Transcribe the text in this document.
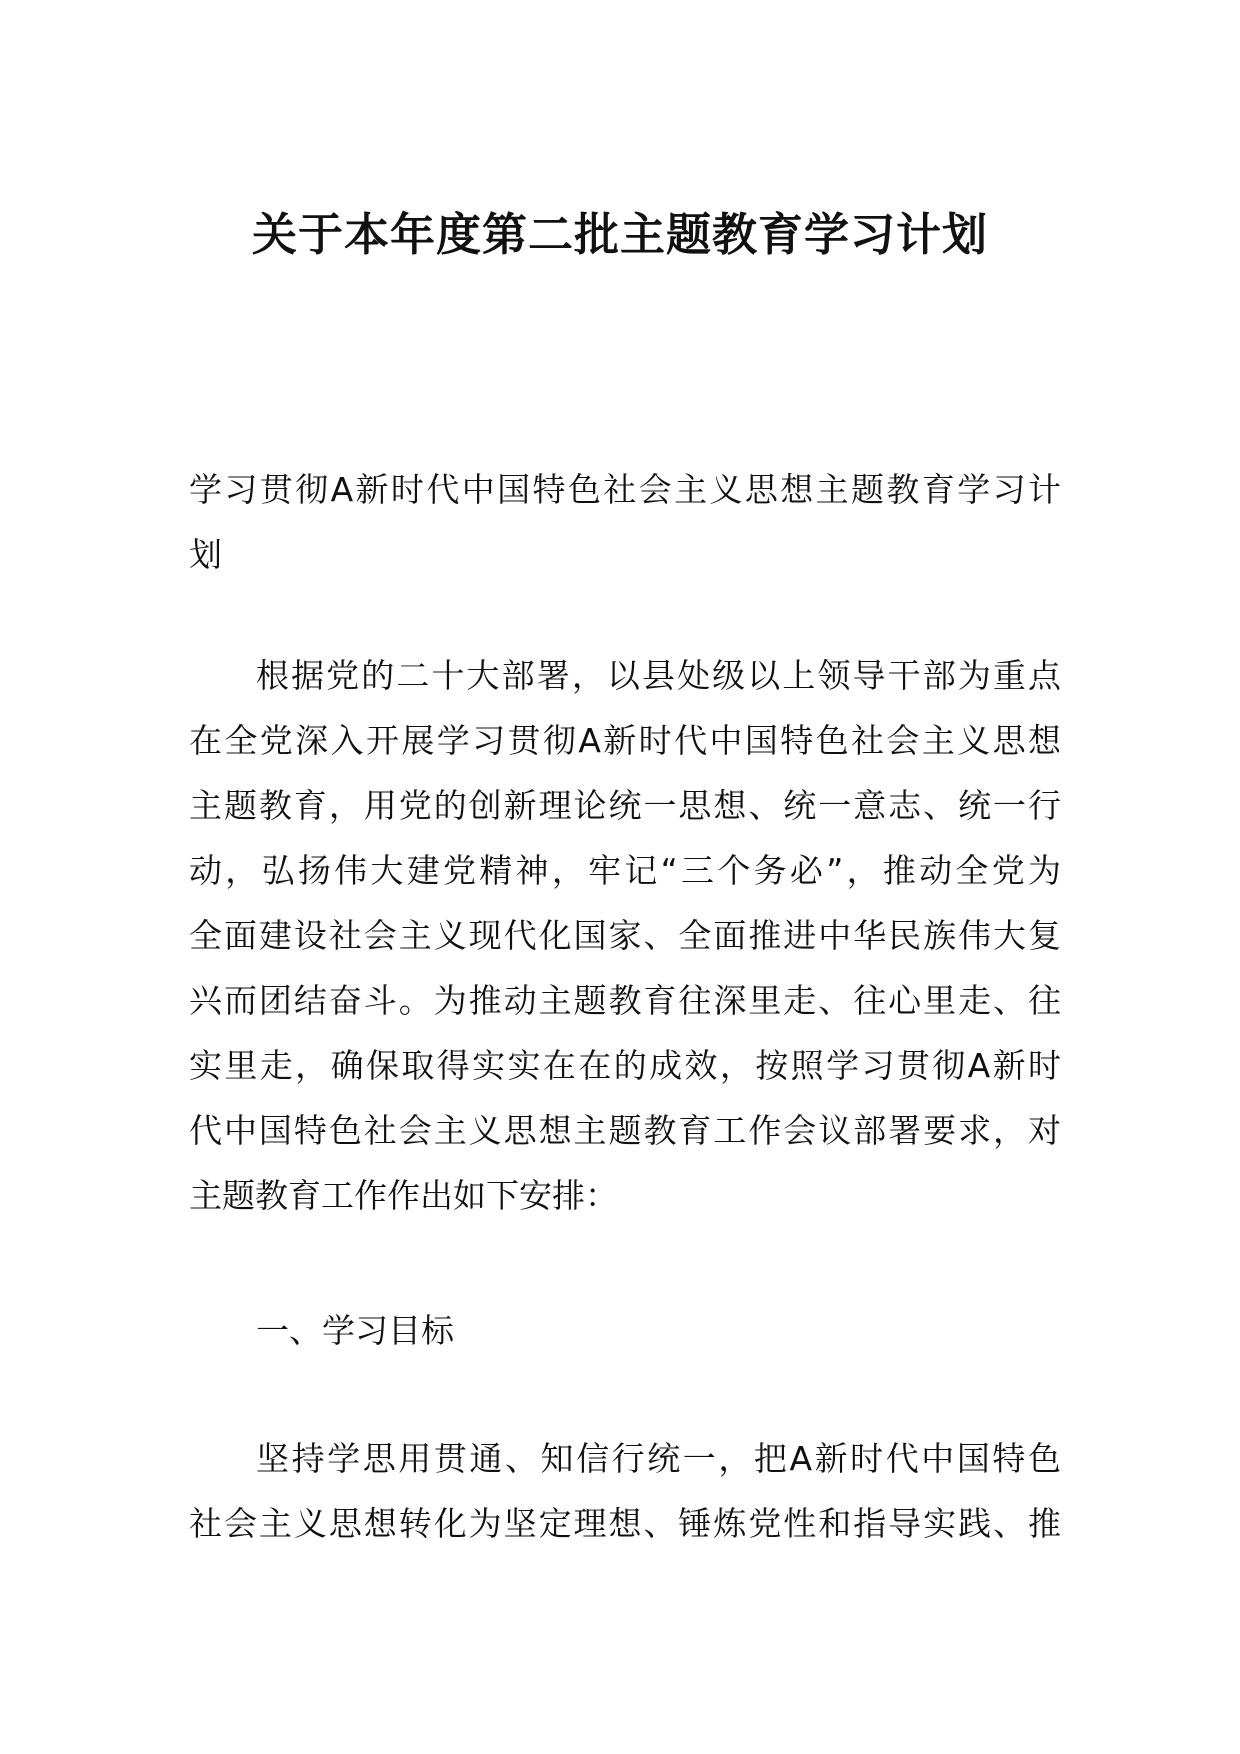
关于本年度第二批主题教育学习计划
学习贯彻A新时代中国特色社会主义思想主题教育学习计
划
根据党的二十大部署，以县处级以上领导干部为重点
在全党深入开展学习贯彻A新时代中国特色社会主义思想
主题教育，用党的创新理论统一思想、统一意志、统一行
动，弘扬伟大建党精神，牢记“三个务必”，推动全党为
全面建设社会主义现代化国家、全面推进中华民族伟大复
兴而团结奋斗。为推动主题教育往深里走、往心里走、往
实里走，确保取得实实在在的成效，按照学习贯彻A新时
代中国特色社会主义思想主题教育工作会议部署要求，对
主题教育工作作出如下安排：
一、学习目标
坚持学思用贯通、知信行统一，把A新时代中国特色
社会主义思想转化为坚定理想、锤炼党性和指导实践、推
